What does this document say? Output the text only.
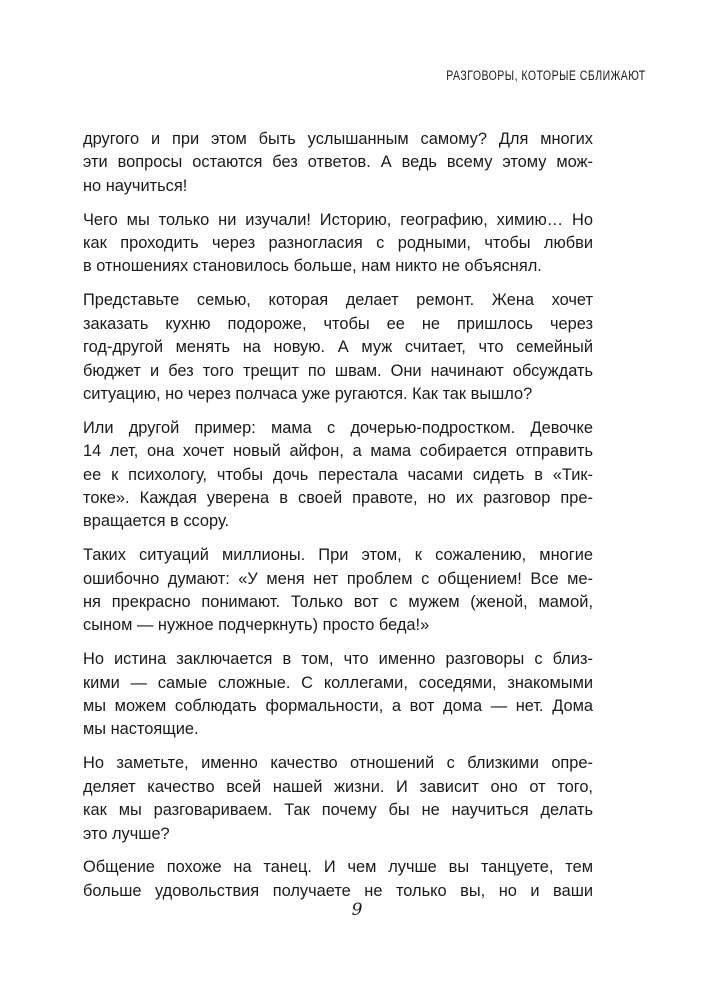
РАЗГОВОРЫ, КОТОРЫЕ СБЛИЖАЮТ

другого и при этом быть услышанным самому? Для многих
эти вопросы остаются без ответов. А ведь всему этому мож-
но научиться!

Чего мы только ни изучали! Историю, географию, химию… Но
как проходить через разногласия с родными, чтобы любви
в отношениях становилось больше, нам никто не объяснял.

Представьте семью, которая делает ремонт. Жена хочет
заказать кухню подороже, чтобы ее не пришлось через
год-другой менять на новую. А муж считает, что семейный
бюджет и без того трещит по швам. Они начинают обсуждать
ситуацию, но через полчаса уже ругаются. Как так вышло?

Или другой пример: мама с дочерью-подростком. Девочке
14 лет, она хочет новый айфон, а мама собирается отправить
ее к психологу, чтобы дочь перестала часами сидеть в «Тик-
токе». Каждая уверена в своей правоте, но их разговор пре-
вращается в ссору.

Таких ситуаций миллионы. При этом, к сожалению, многие
ошибочно думают: «У меня нет проблем с общением! Все ме-
ня прекрасно понимают. Только вот с мужем (женой, мамой,
сыном — нужное подчеркнуть) просто беда!»

Но истина заключается в том, что именно разговоры с близ-
кими — самые сложные. С коллегами, соседями, знакомыми
мы можем соблюдать формальности, а вот дома — нет. Дома
мы настоящие.

Но заметьте, именно качество отношений с близкими опре-
деляет качество всей нашей жизни. И зависит оно от того,
как мы разговариваем. Так почему бы не научиться делать
это лучше?

Общение похоже на танец. И чем лучше вы танцуете, тем
больше удовольствия получаете не только вы, но и ваши

9
